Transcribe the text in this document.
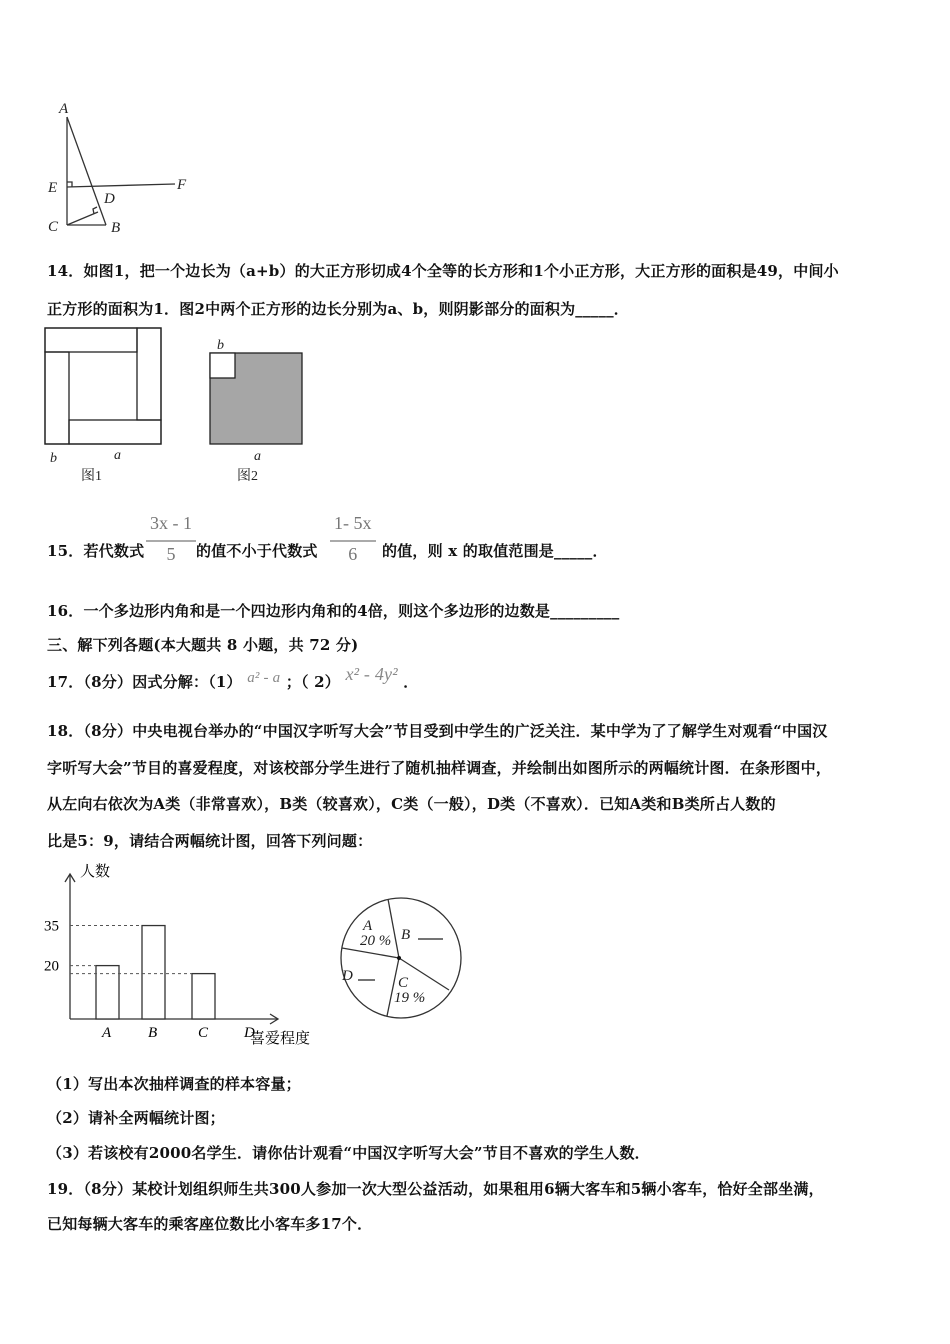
A
E
C	B
D
F
14．如图1，把一个边长为（a+b）的大正方形切成4个全等的长方形和1个小正方形，大正方形的面积是49，中间小
正方形的面积为1．图2中两个正方形的边长分别为a、b，则阴影部分的面积为_____．
b	a
b
a
图1	图2
15．若代数式 $\frac{3x - 1}{5}$ 的值不小于代数式 $\frac{1- 5x}{6}$ 的值，则 x 的取值范围是_____．
16．一个多边形内角和是一个四边形内角和的4倍，则这个多边形的边数是_________
三、解下列各题(本大题共 8 小题，共 72 分)
17．（8分）因式分解：（1） a² - a ；（ 2） x² - 4y² ．
18．（8分）中央电视台举办的“中国汉字听写大会”节目受到中学生的广泛关注．某中学为了了解学生对观看“中国汉
字听写大会”节目的喜爱程度，对该校部分学生进行了随机抽样调查，并绘制出如图所示的两幅统计图．在条形图中，
从左向右依次为A类（非常喜欢），B类（较喜欢），C类（一般），D类（不喜欢）．已知A类和B类所占人数的
比是5：9，请结合两幅统计图，回答下列问题：
人数
喜爱程度
A B	C D
35
20
A
20 % B
D	C
19 %
（1）写出本次抽样调查的样本容量；
（2）请补全两幅统计图；
（3）若该校有2000名学生．请你估计观看“中国汉字听写大会”节目不喜欢的学生人数．
19．（8分）某校计划组织师生共300人参加一次大型公益活动，如果租用6辆大客车和5辆小客车，恰好全部坐满，
已知每辆大客车的乘客座位数比小客车多17个．
